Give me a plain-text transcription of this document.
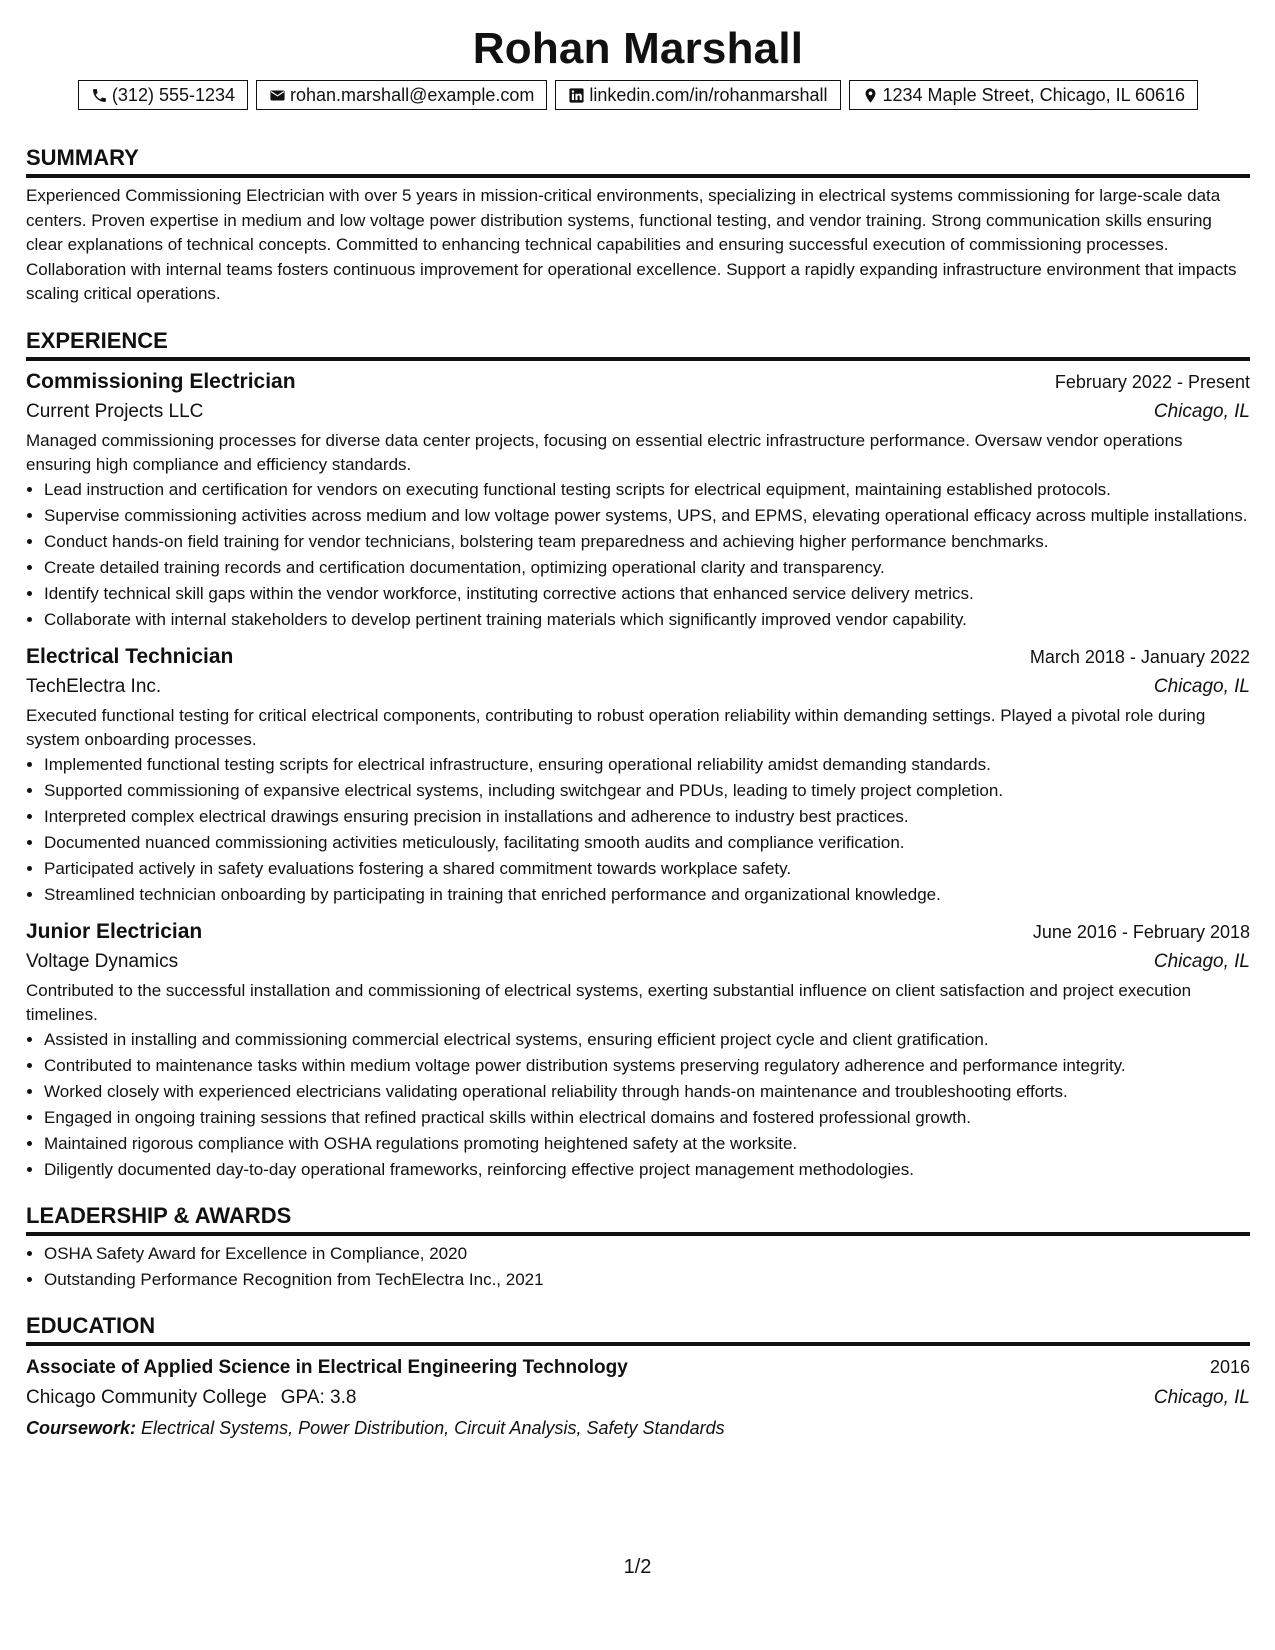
Rohan Marshall
(312) 555-1234	rohan.marshall@example.com	linkedin.com/in/rohanmarshall	1234 Maple Street, Chicago, IL 60616
SUMMARY

Experienced Commissioning Electrician with over 5 years in mission-critical environments, specializing in electrical systems commissioning for large-scale data centers. Proven expertise in medium and low voltage power distribution systems, functional testing, and vendor training. Strong communication skills ensuring clear explanations of technical concepts. Committed to enhancing technical capabilities and ensuring successful execution of commissioning processes. Collaboration with internal teams fosters continuous improvement for operational excellence. Support a rapidly expanding infrastructure environment that impacts scaling critical operations.

EXPERIENCE
Commissioning Electrician	February 2022 - Present
Current Projects LLC	Chicago, IL

Managed commissioning processes for diverse data center projects, focusing on essential electric infrastructure performance. Oversaw vendor operations ensuring high compliance and efficiency standards.

• Lead instruction and certification for vendors on executing functional testing scripts for electrical equipment, maintaining established protocols.
• Supervise commissioning activities across medium and low voltage power systems, UPS, and EPMS, elevating operational efficacy across multiple installations.
• Conduct hands-on field training for vendor technicians, bolstering team preparedness and achieving higher performance benchmarks.
• Create detailed training records and certification documentation, optimizing operational clarity and transparency.
• Identify technical skill gaps within the vendor workforce, instituting corrective actions that enhanced service delivery metrics.
• Collaborate with internal stakeholders to develop pertinent training materials which significantly improved vendor capability.
Electrical Technician	March 2018 - January 2022
TechElectra Inc.	Chicago, IL

Executed functional testing for critical electrical components, contributing to robust operation reliability within demanding settings. Played a pivotal role during system onboarding processes.

• Implemented functional testing scripts for electrical infrastructure, ensuring operational reliability amidst demanding standards.
• Supported commissioning of expansive electrical systems, including switchgear and PDUs, leading to timely project completion.
• Interpreted complex electrical drawings ensuring precision in installations and adherence to industry best practices.
• Documented nuanced commissioning activities meticulously, facilitating smooth audits and compliance verification.
• Participated actively in safety evaluations fostering a shared commitment towards workplace safety.
• Streamlined technician onboarding by participating in training that enriched performance and organizational knowledge.
Junior Electrician	June 2016 - February 2018
Voltage Dynamics	Chicago, IL

Contributed to the successful installation and commissioning of electrical systems, exerting substantial influence on client satisfaction and project execution timelines.

• Assisted in installing and commissioning commercial electrical systems, ensuring efficient project cycle and client gratification.
• Contributed to maintenance tasks within medium voltage power distribution systems preserving regulatory adherence and performance integrity.
• Worked closely with experienced electricians validating operational reliability through hands-on maintenance and troubleshooting efforts.
• Engaged in ongoing training sessions that refined practical skills within electrical domains and fostered professional growth.
• Maintained rigorous compliance with OSHA regulations promoting heightened safety at the worksite.
• Diligently documented day-to-day operational frameworks, reinforcing effective project management methodologies.
LEADERSHIP & AWARDS
• OSHA Safety Award for Excellence in Compliance, 2020
• Outstanding Performance Recognition from TechElectra Inc., 2021
EDUCATION
Associate of Applied Science in Electrical Engineering Technology	2016
Chicago Community College GPA: 3.8	Chicago, IL
Coursework: Electrical Systems, Power Distribution, Circuit Analysis, Safety Standards
1/2
